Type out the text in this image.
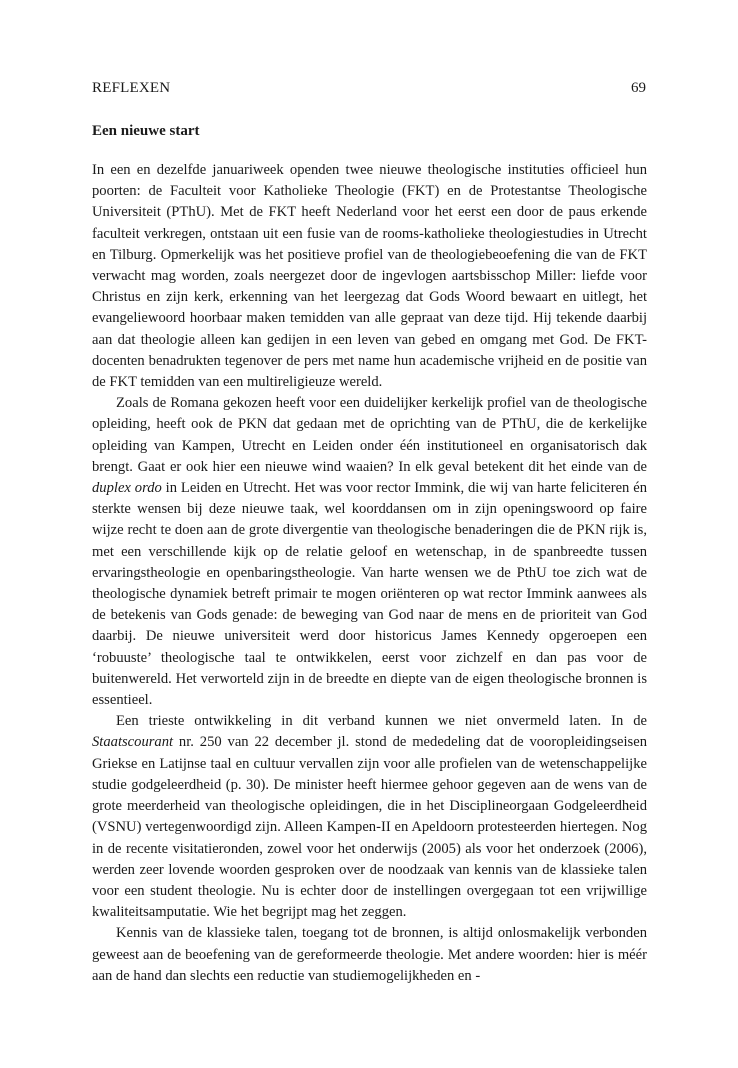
REFLEXEN	69
Een nieuwe start

In een en dezelfde januariweek openden twee nieuwe theologische instituties officieel hun poorten: de Faculteit voor Katholieke Theologie (FKT) en de Protestantse Theologische Universiteit (PThU). Met de FKT heeft Nederland voor het eerst een door de paus erkende faculteit verkregen, ontstaan uit een fusie van de rooms-katholieke theologiestudies in Utrecht en Tilburg. Opmerkelijk was het positieve profiel van de theologiebeoefening die van de FKT verwacht mag worden, zoals neergezet door de ingevlogen aartsbisschop Miller: liefde voor Christus en zijn kerk, erkenning van het leergezag dat Gods Woord bewaart en uitlegt, het evangeliewoord hoorbaar maken temidden van alle gepraat van deze tijd. Hij tekende daarbij aan dat theologie alleen kan gedijen in een leven van gebed en omgang met God. De FKT-docenten benadrukten tegenover de pers met name hun academische vrijheid en de positie van de FKT temidden van een multireligieuze wereld.

Zoals de Romana gekozen heeft voor een duidelijker kerkelijk profiel van de theologische opleiding, heeft ook de PKN dat gedaan met de oprichting van de PThU, die de kerkelijke opleiding van Kampen, Utrecht en Leiden onder één institutioneel en organisatorisch dak brengt. Gaat er ook hier een nieuwe wind waaien? In elk geval betekent dit het einde van de duplex ordo in Leiden en Utrecht. Het was voor rector Immink, die wij van harte feliciteren én sterkte wensen bij deze nieuwe taak, wel koorddansen om in zijn openingswoord op faire wijze recht te doen aan de grote divergentie van theologische benaderingen die de PKN rijk is, met een verschillende kijk op de relatie geloof en wetenschap, in de spanbreedte tussen ervaringstheologie en openbaringstheologie. Van harte wensen we de PthU toe zich wat de theologische dynamiek betreft primair te mogen oriënteren op wat rector Immink aanwees als de betekenis van Gods genade: de beweging van God naar de mens en de prioriteit van God daarbij. De nieuwe universiteit werd door historicus James Kennedy opgeroepen een ‘robuuste’ theologische taal te ontwikkelen, eerst voor zichzelf en dan pas voor de buitenwereld. Het verworteld zijn in de breedte en diepte van de eigen theologische bronnen is essentieel.

Een trieste ontwikkeling in dit verband kunnen we niet onvermeld laten. In de Staatscourant nr. 250 van 22 december jl. stond de mededeling dat de vooropleidingseisen Griekse en Latijnse taal en cultuur vervallen zijn voor alle profielen van de wetenschappelijke studie godgeleerdheid (p. 30). De minister heeft hiermee gehoor gegeven aan de wens van de grote meerderheid van theologische opleidingen, die in het Disciplineorgaan Godgeleerdheid (VSNU) vertegenwoordigd zijn. Alleen Kampen-II en Apeldoorn protesteerden hiertegen. Nog in de recente visitatieronden, zowel voor het onderwijs (2005) als voor het onderzoek (2006), werden zeer lovende woorden gesproken over de noodzaak van kennis van de klassieke talen voor een student theologie. Nu is echter door de instellingen overgegaan tot een vrijwillige kwaliteitsamputatie. Wie het begrijpt mag het zeggen.

Kennis van de klassieke talen, toegang tot de bronnen, is altijd onlosmakelijk verbonden geweest aan de beoefening van de gereformeerde theologie. Met andere woorden: hier is méér aan de hand dan slechts een reductie van studiemogelijkheden en -
